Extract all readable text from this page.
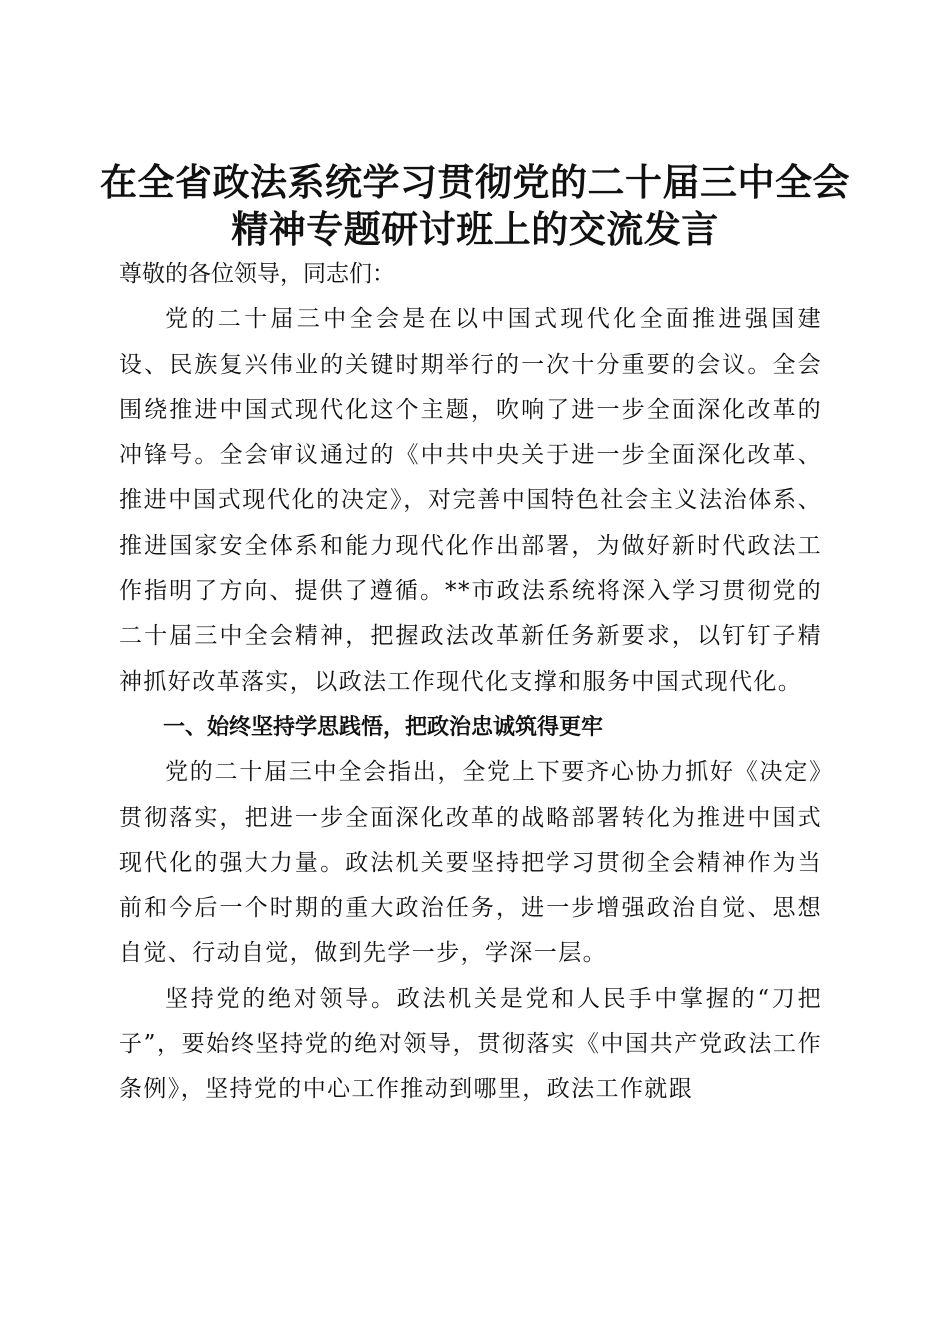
在全省政法系统学习贯彻党的二十届三中全会
精神专题研讨班上的交流发言

尊敬的各位领导，同志们：

党的二十届三中全会是在以中国式现代化全面推进强国建设、民族复兴伟业的关键时期举行的一次十分重要的会议。全会围绕推进中国式现代化这个主题，吹响了进一步全面深化改革的冲锋号。全会审议通过的《中共中央关于进一步全面深化改革、推进中国式现代化的决定》，对完善中国特色社会主义法治体系、推进国家安全体系和能力现代化作出部署，为做好新时代政法工作指明了方向、提供了遵循。**市政法系统将深入学习贯彻党的二十届三中全会精神，把握政法改革新任务新要求，以钉钉子精神抓好改革落实，以政法工作现代化支撑和服务中国式现代化。

一、始终坚持学思践悟，把政治忠诚筑得更牢

党的二十届三中全会指出，全党上下要齐心协力抓好《决定》贯彻落实，把进一步全面深化改革的战略部署转化为推进中国式现代化的强大力量。政法机关要坚持把学习贯彻全会精神作为当前和今后一个时期的重大政治任务，进一步增强政治自觉、思想自觉、行动自觉，做到先学一步，学深一层。

坚持党的绝对领导。政法机关是党和人民手中掌握的“刀把子”，要始终坚持党的绝对领导，贯彻落实《中国共产党政法工作条例》，坚持党的中心工作推动到哪里，政法工作就跟
